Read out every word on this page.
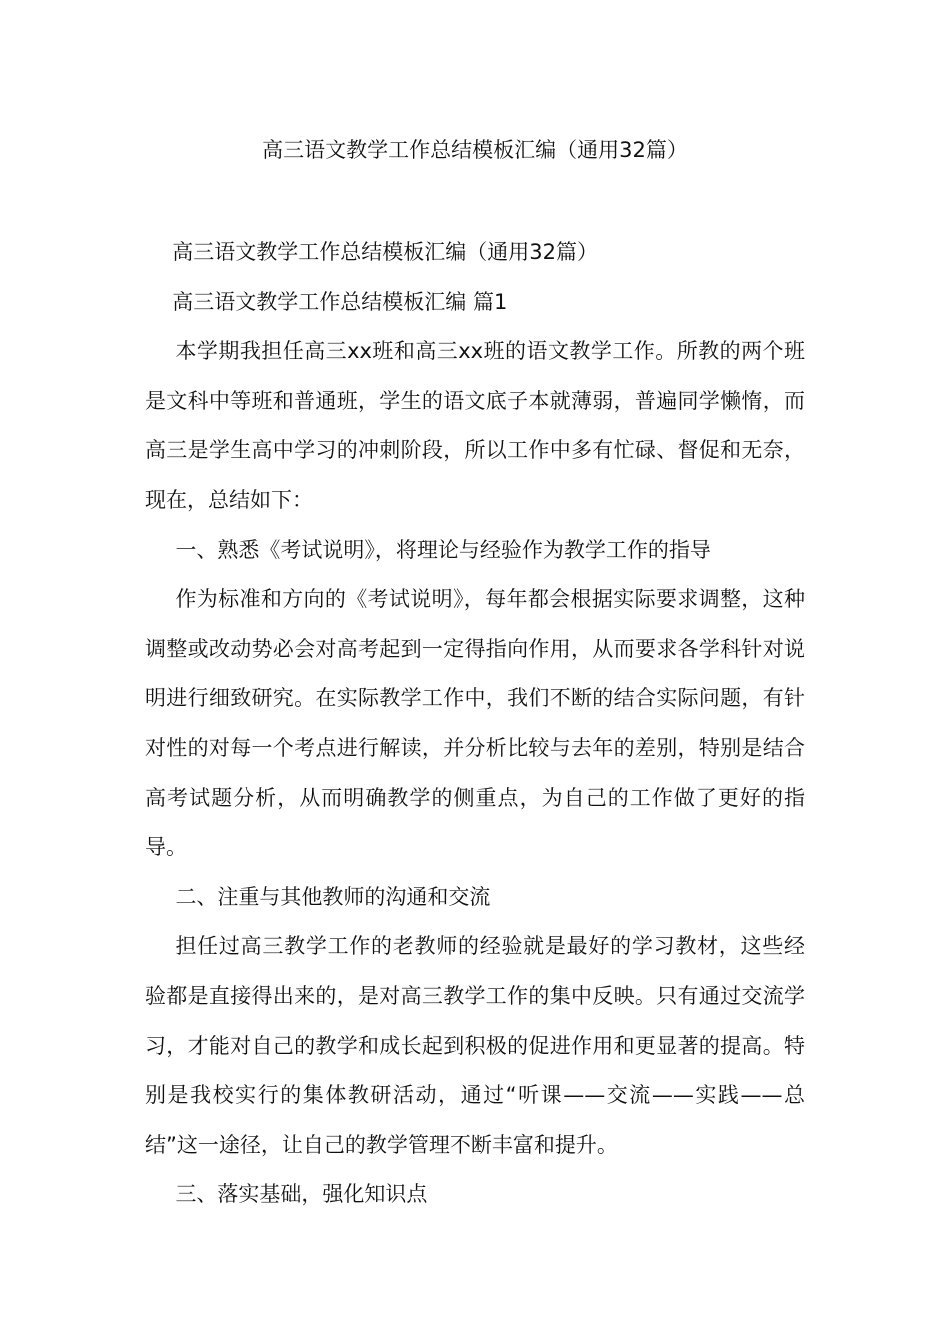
高三语文教学工作总结模板汇编（通用32篇）

高三语文教学工作总结模板汇编（通用32篇）

高三语文教学工作总结模板汇编 篇1

本学期我担任高三xx班和高三xx班的语文教学工作。所教的两个班是文科中等班和普通班，学生的语文底子本就薄弱，普遍同学懒惰，而高三是学生高中学习的冲刺阶段，所以工作中多有忙碌、督促和无奈，现在，总结如下：

一、熟悉《考试说明》，将理论与经验作为教学工作的指导

作为标准和方向的《考试说明》，每年都会根据实际要求调整，这种调整或改动势必会对高考起到一定得指向作用，从而要求各学科针对说明进行细致研究。在实际教学工作中，我们不断的结合实际问题，有针对性的对每一个考点进行解读，并分析比较与去年的差别，特别是结合高考试题分析，从而明确教学的侧重点，为自己的工作做了更好的指导。

二、注重与其他教师的沟通和交流

担任过高三教学工作的老教师的经验就是最好的学习教材，这些经验都是直接得出来的，是对高三教学工作的集中反映。只有通过交流学习，才能对自己的教学和成长起到积极的促进作用和更显著的提高。特别是我校实行的集体教研活动，通过“听课——交流——实践——总结”这一途径，让自己的教学管理不断丰富和提升。

三、落实基础，强化知识点
